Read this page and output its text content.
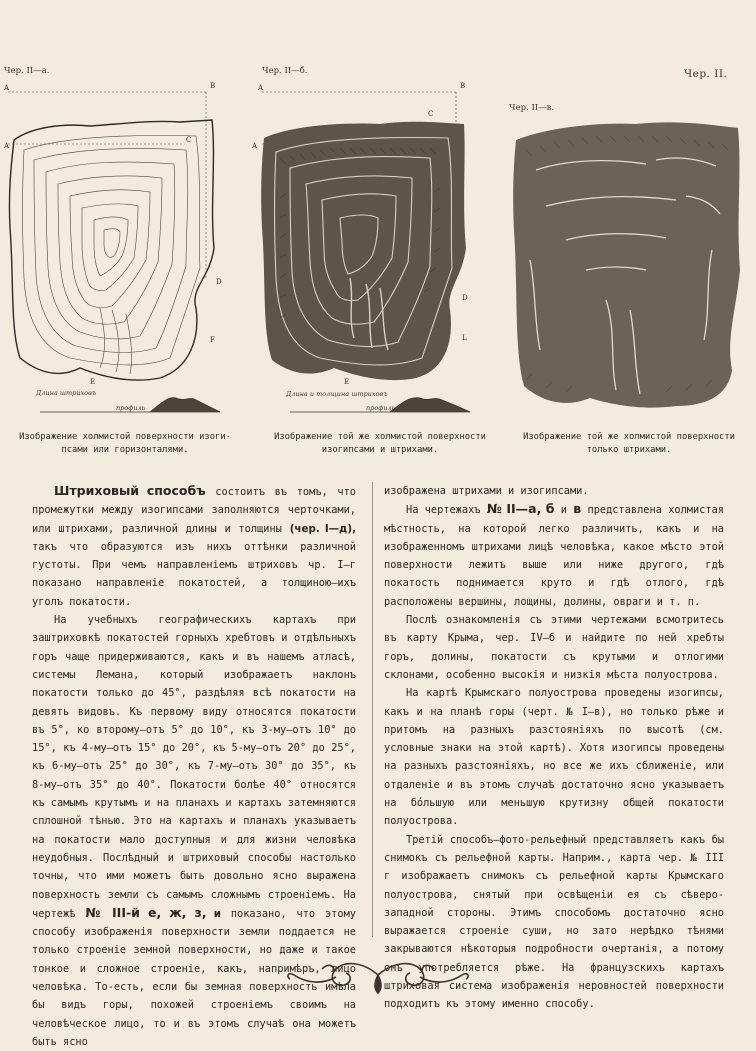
Чер. II—а.	Чер. II—б.	Чер. II.
Чер. II—в.
A	B
A
C
D
F
E
Длина штриховъ
профиль
A	B
A
C
D
L
E
Длина и толщина штриховъ
профиль
Изображение холмистой поверхности изоги-
псами или горизонталями.
Изображение той же холмистой поверхности
изогипсами и штрихами.
Изображение той же холмистой поверхности
только штрихами.

Штриховый способъ состоитъ въ томъ, что промежутки между изогипсами заполняются черточками, или штрихами, различной длины и толщины (чер. I—д), такъ что образуются изъ нихъ оттѣнки различной густоты. При чемъ направленiемъ штриховъ чр. I—г показано направленiе покатостей, а толщиною—ихъ уголъ покатости.

На учебныхъ географическихъ картахъ при заштриховкѣ покатостей горныхъ хребтовъ и отдѣльныхъ горъ чаще придерживаются, какъ и въ нашемъ атласѣ, системы Лемана, который изображаетъ наклонъ покатости только до 45°, раздѣляя всѣ покатости на девять видовъ. Къ первому виду относятся покатости въ 5°, ко второму—отъ 5° до 10°, къ 3-му—отъ 10° до 15°, къ 4-му—отъ 15° до 20°, къ 5-му—отъ 20° до 25°, къ 6-му—отъ 25° до 30°, къ 7-му—отъ 30° до 35°, къ 8-му—отъ 35° до 40°. Покатости болѣе 40° относятся къ самымъ крутымъ и на планахъ и картахъ затемняются сплошной тѣнью. Это на картахъ и планахъ указываетъ на покатости мало доступныя и для жизни человѣка неудобныя. Послѣдный и штриховый способы настолько точны, что ими можетъ быть довольно ясно выражена поверхность земли съ самымъ сложнымъ строенiемъ. На чертежѣ № III-й е, ж, з, и показано, что этому способу изображенiя поверхности земли поддается не только строенiе земной поверхности, но даже и такое тонкое и сложное строенiе, какъ, напримѣръ, лицо человѣка. То-есть, если бы земная поверхность имѣла бы видъ горы, похожей строенiемъ своимъ на человѣческое лицо, то и въ этомъ случаѣ она можетъ быть ясно

изображена штрихами и изогипсами.

На чертежахъ № II—а, б и в представлена холмистая мѣстность, на которой легко различить, какъ и на изображенномъ штрихами лицѣ человѣка, какое мѣсто этой поверхности лежитъ выше или ниже другого, гдѣ покатость поднимается круто и гдѣ отлого, гдѣ расположены вершины, лощины, долины, овраги и т. п.

Послѣ ознакомленiя съ этими чертежами всмотритесь въ карту Крыма, чер. IV—б и найдите по ней хребты горъ, долины, покатости съ крутыми и отлогими склонами, особенно высокiя и низкiя мѣста полуострова.

На картѣ Крымскаго полуострова проведены изогипсы, какъ и на планѣ горы (черт. № I—в), но только рѣже и притомъ на разныхъ разстоянiяхъ по высотѣ (см. условные знаки на этой картѣ). Хотя изогипсы проведены на разныхъ разстоянiяхъ, но все же ихъ сближенiе, или отдаленiе и въ этомъ случаѣ достаточно ясно указываетъ на бóльшую или меньшую крутизну общей покатости полуострова.

Третiй способъ—фото-рельефный представляетъ какъ бы снимокъ съ рельефной карты. Наприм., карта чер. № III г изображаетъ снимокъ съ рельефной карты Крымскаго полуострова, снятый при освѣщенiи ея съ сѣверо-западной стороны. Этимъ способомъ достаточно ясно выражается строенiе суши, но зато нерѣдко тѣнями закрываются нѣкоторыя подробности очертанiя, а потому онъ употребляется рѣже. На французскихъ картахъ штриховая система изображенiя неровностей поверхности подходитъ къ этому именно способу.
